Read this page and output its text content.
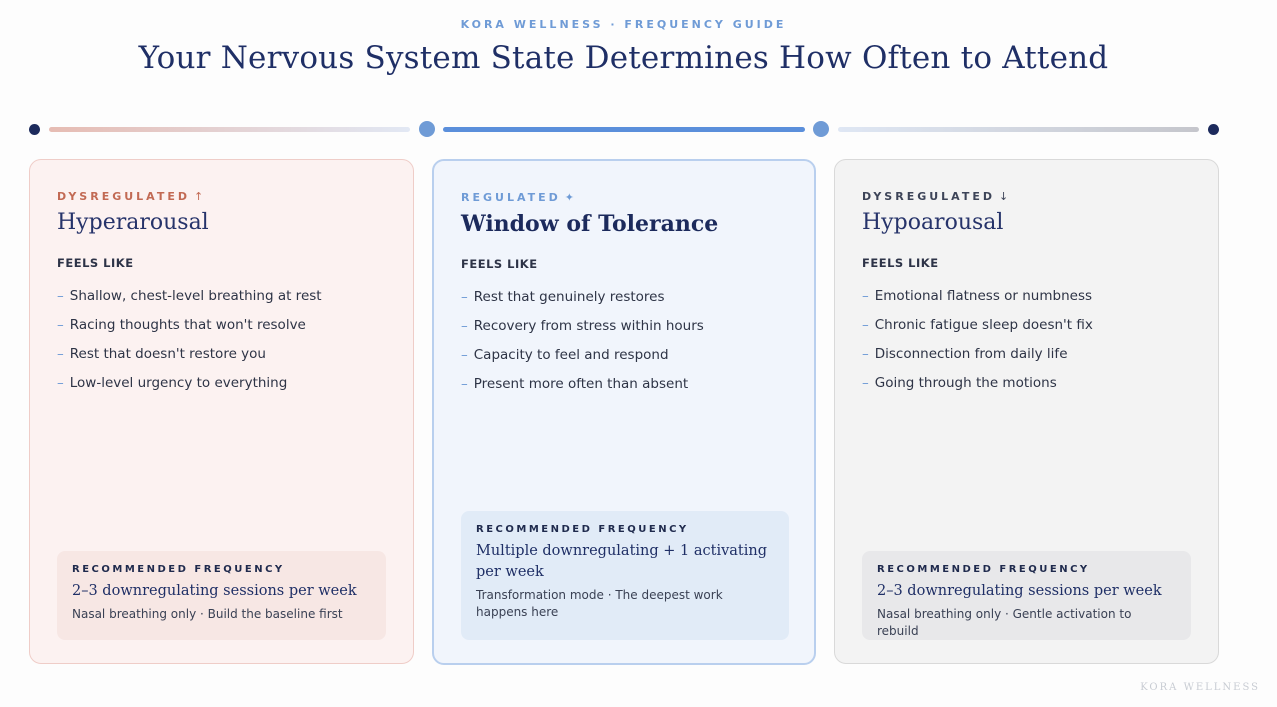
KORA WELLNESS · FREQUENCY GUIDE
Your Nervous System State Determines How Often to Attend
DYSREGULATED ↑
Hyperarousal
FEELS LIKE
– Shallow, chest-level breathing at rest
– Racing thoughts that won't resolve
– Rest that doesn't restore you
– Low-level urgency to everything
RECOMMENDED FREQUENCY
2–3 downregulating sessions per week
Nasal breathing only · Build the baseline first
REGULATED ✦
Window of Tolerance
FEELS LIKE
– Rest that genuinely restores
– Recovery from stress within hours
– Capacity to feel and respond
– Present more often than absent
RECOMMENDED FREQUENCY
Multiple downregulating + 1 activating per week
Transformation mode · The deepest work happens here
DYSREGULATED ↓
Hypoarousal
FEELS LIKE
– Emotional flatness or numbness
– Chronic fatigue sleep doesn't fix
– Disconnection from daily life
– Going through the motions
RECOMMENDED FREQUENCY
2–3 downregulating sessions per week
Nasal breathing only · Gentle activation to rebuild
KORA WELLNESS
